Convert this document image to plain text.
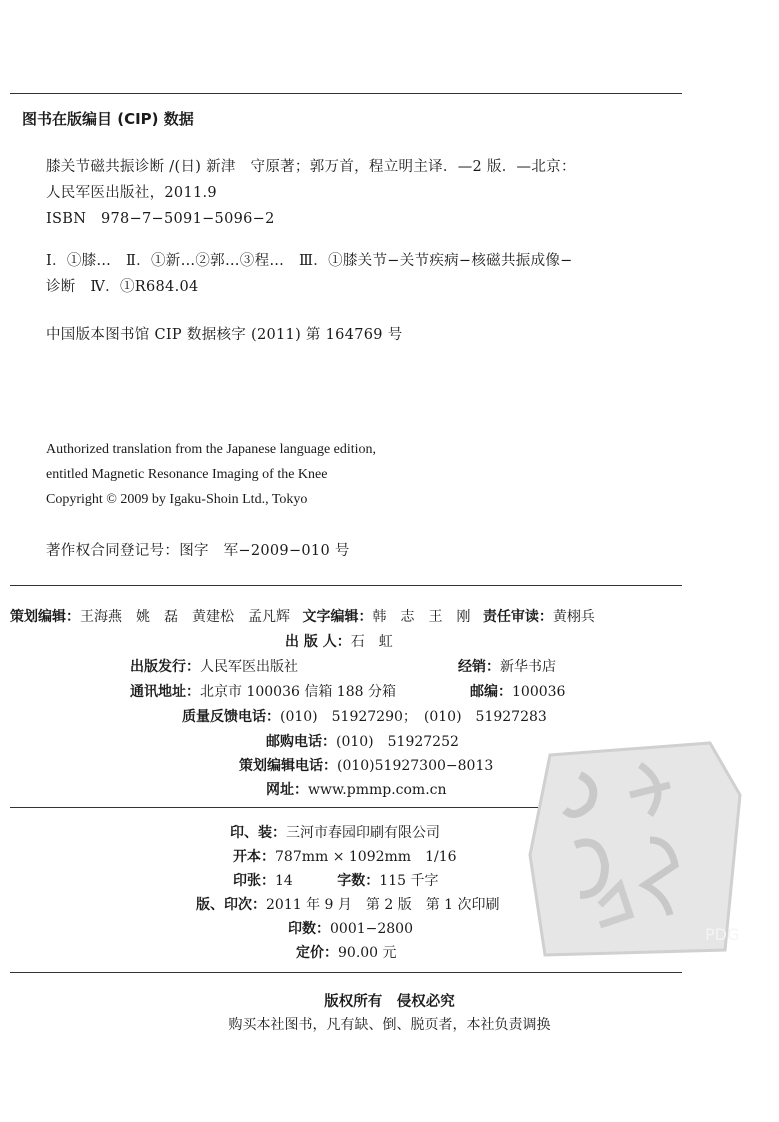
图书在版编目 (CIP) 数据
膝关节磁共振诊断 /(日) 新津　守原著；郭万首，程立明主译．—2 版．—北京：
人民军医出版社，2011.9
ISBN　978−7−5091−5096−2
Ⅰ．①膝…　Ⅱ．①新…②郭…③程…　Ⅲ．①膝关节−关节疾病−核磁共振成像−
诊断　Ⅳ．①R684.04
中国版本图书馆 CIP 数据核字 (2011) 第 164769 号
Authorized translation from the Japanese language edition,
entitled Magnetic Resonance Imaging of the Knee
Copyright © 2009 by Igaku-Shoin Ltd., Tokyo
著作权合同登记号：图字　军−2009−010 号
策划编辑：王海燕　姚　磊　黄建松　孟凡辉 文字编辑：韩　志　王　刚 责任审读：黄栩兵
出 版 人：石　虹
出版发行：人民军医出版社	经销：新华书店
通讯地址：北京市 100036 信箱 188 分箱	邮编：100036
质量反馈电话：(010)　51927290；　(010)　51927283
邮购电话：(010)　51927252
策划编辑电话：(010)51927300−8013
网址：www.pmmp.com.cn
印、装：三河市春园印刷有限公司
开本：787mm × 1092mm　1/16
印张：14	字数：115 千字
版、印次：2011 年 9 月　第 2 版　第 1 次印刷
印数：0001−2800
定价：90.00 元
PDG
版权所有　侵权必究
购买本社图书，凡有缺、倒、脱页者，本社负责调换
